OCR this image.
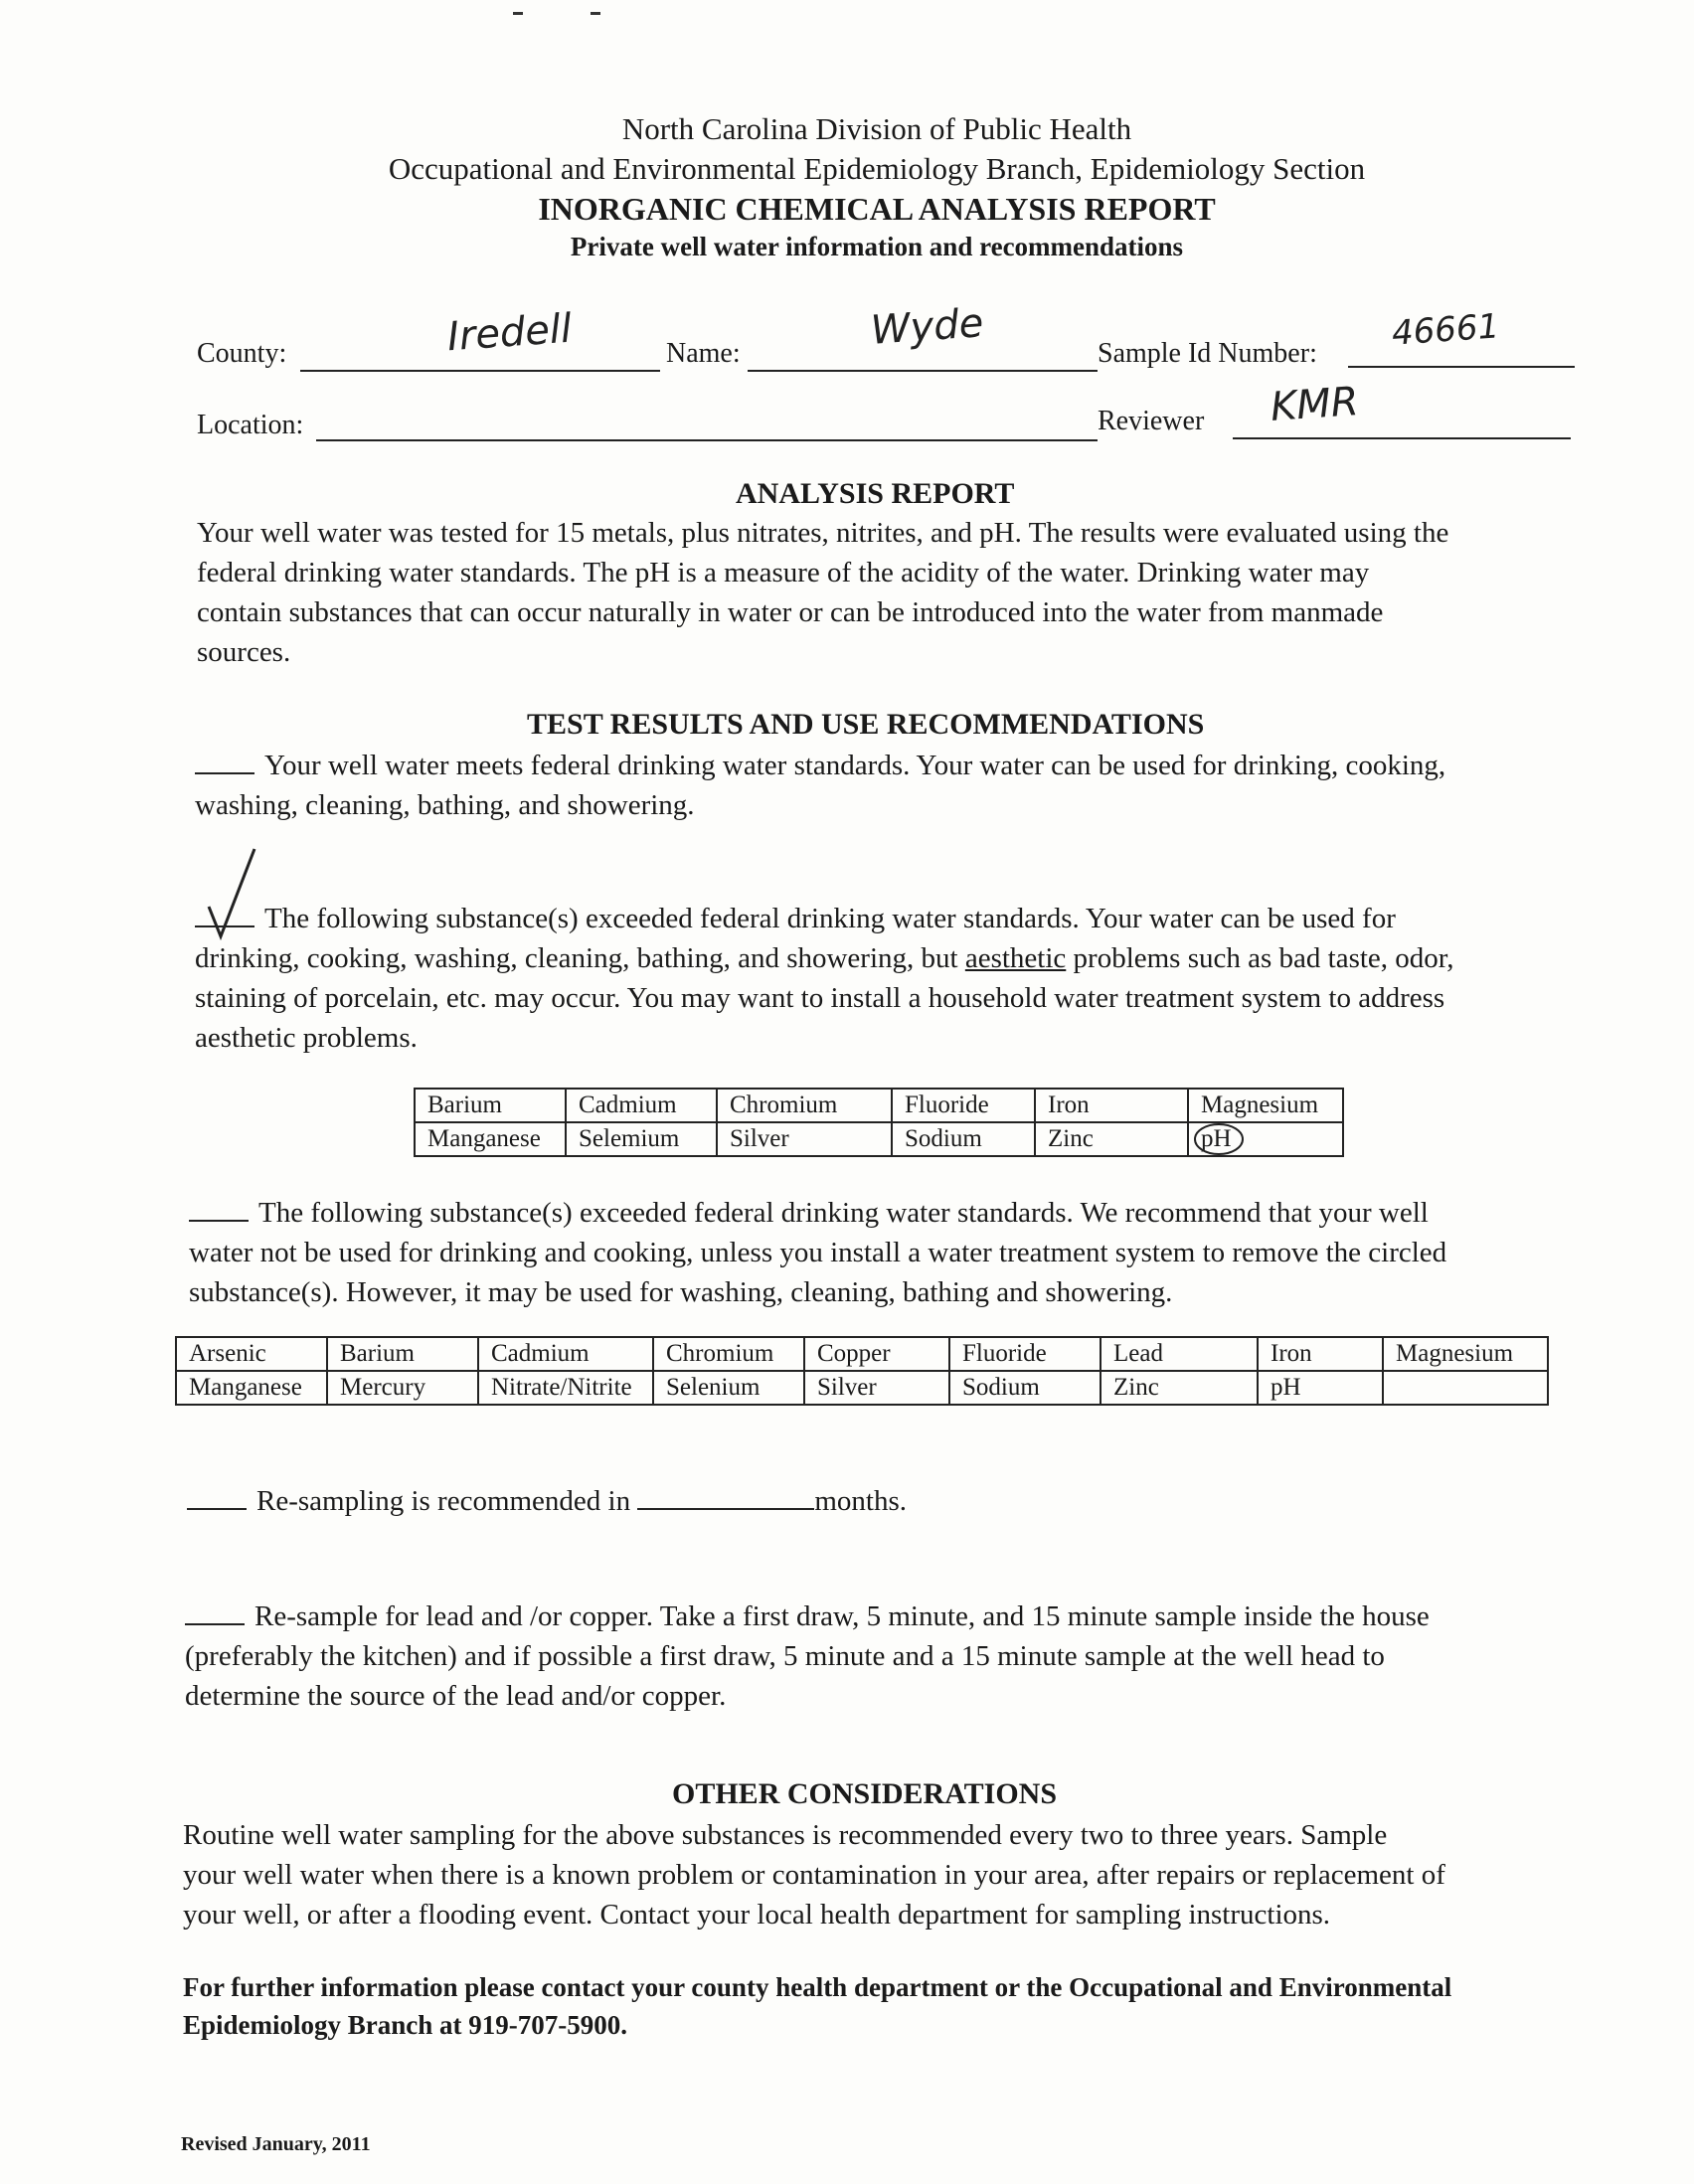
North Carolina Division of Public Health
Occupational and Environmental Epidemiology Branch, Epidemiology Section
INORGANIC CHEMICAL ANALYSIS REPORT
Private well water information and recommendations
County:	Iredell	Name:	Wyde	Sample Id Number: 46661
Location:	Reviewer KMR
ANALYSIS REPORT
Your well water was tested for 15 metals, plus nitrates, nitrites, and pH. The results were evaluated using the
federal drinking water standards. The pH is a measure of the acidity of the water. Drinking water may
contain substances that can occur naturally in water or can be introduced into the water from manmade
sources.
TEST RESULTS AND USE RECOMMENDATIONS
Your well water meets federal drinking water standards. Your water can be used for drinking, cooking,
washing, cleaning, bathing, and showering.
The following substance(s) exceeded federal drinking water standards. Your water can be used for
drinking, cooking, washing, cleaning, bathing, and showering, but aesthetic problems such as bad taste, odor,
staining of porcelain, etc. may occur. You may want to install a household water treatment system to address
aesthetic problems.
Barium	Cadmium	Chromium	Fluoride	Iron	Magnesium
Manganese	Selemium	Silver	Sodium	Zinc	pH
The following substance(s) exceeded federal drinking water standards. We recommend that your well
water not be used for drinking and cooking, unless you install a water treatment system to remove the circled
substance(s). However, it may be used for washing, cleaning, bathing and showering.
Arsenic	Barium	Cadmium	Chromium	Copper	Fluoride	Lead	Iron	Magnesium
Manganese	Mercury	Nitrate/Nitrite	Selenium	Silver	Sodium	Zinc	pH	
Re-sampling is recommended in	months.
Re-sample for lead and /or copper. Take a first draw, 5 minute, and 15 minute sample inside the house
(preferably the kitchen) and if possible a first draw, 5 minute and a 15 minute sample at the well head to
determine the source of the lead and/or copper.
OTHER CONSIDERATIONS
Routine well water sampling for the above substances is recommended every two to three years. Sample
your well water when there is a known problem or contamination in your area, after repairs or replacement of
your well, or after a flooding event. Contact your local health department for sampling instructions.
For further information please contact your county health department or the Occupational and Environmental
Epidemiology Branch at 919-707-5900.
Revised January, 2011
